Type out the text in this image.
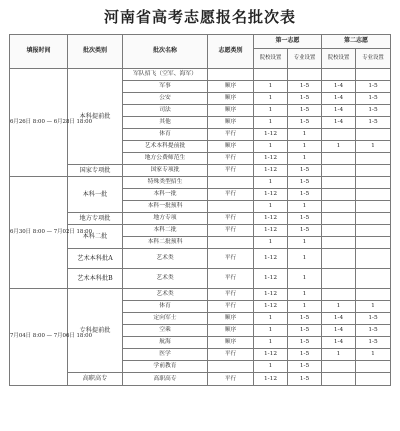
河南省高考志愿报名批次表
填报时间	批次类别	批次名称	志愿类别	第一志愿		第二志愿	
				院校设置	专业设置	院校设置	专业设置
6月26日 8:00 — 6月28日 18:00	本科提前批	军队招飞（空军、海军）					
		军事	顺序	1	1-5	1-4	1-5
		公安	顺序	1	1-5	1-4	1-5
		司法	顺序	1	1-5	1-4	1-5
		其他	顺序	1	1-5	1-4	1-5
		体育	平行	1-12	1		
		艺术本科提前批	顺序	1	1	1	1
		地方公费师范生	平行	1-12	1		
	国家专项批	国家专项批	平行	1-12	1-5		
6月30日 8:00 — 7月02日 18:00	本科一批	特殊类型招生		1	1-5		
		本科一批	平行	1-12	1-5		
		本科一批预科		1	1		
	地方专项批	地方专项	平行	1-12	1-5		
	本科二批	本科二批	平行	1-12	1-5		
		本科二批预科		1	1		
	艺术本科批A	艺术类	平行	1-12	1		
	艺术本科批B	艺术类	平行	1-12	1		
7月04日 8:00 — 7月06日 18:00	专科提前批	艺术类	平行	1-12	1		
		体育	平行	1-12	1	1	1
		定向军士	顺序	1	1-5	1-4	1-5
		空乘	顺序	1	1-5	1-4	1-5
		航海	顺序	1	1-5	1-4	1-5
		医学	平行	1-12	1-5	1	1
		学前教育		1	1-5		
	高职高专	高职高专	平行	1-12	1-5		
